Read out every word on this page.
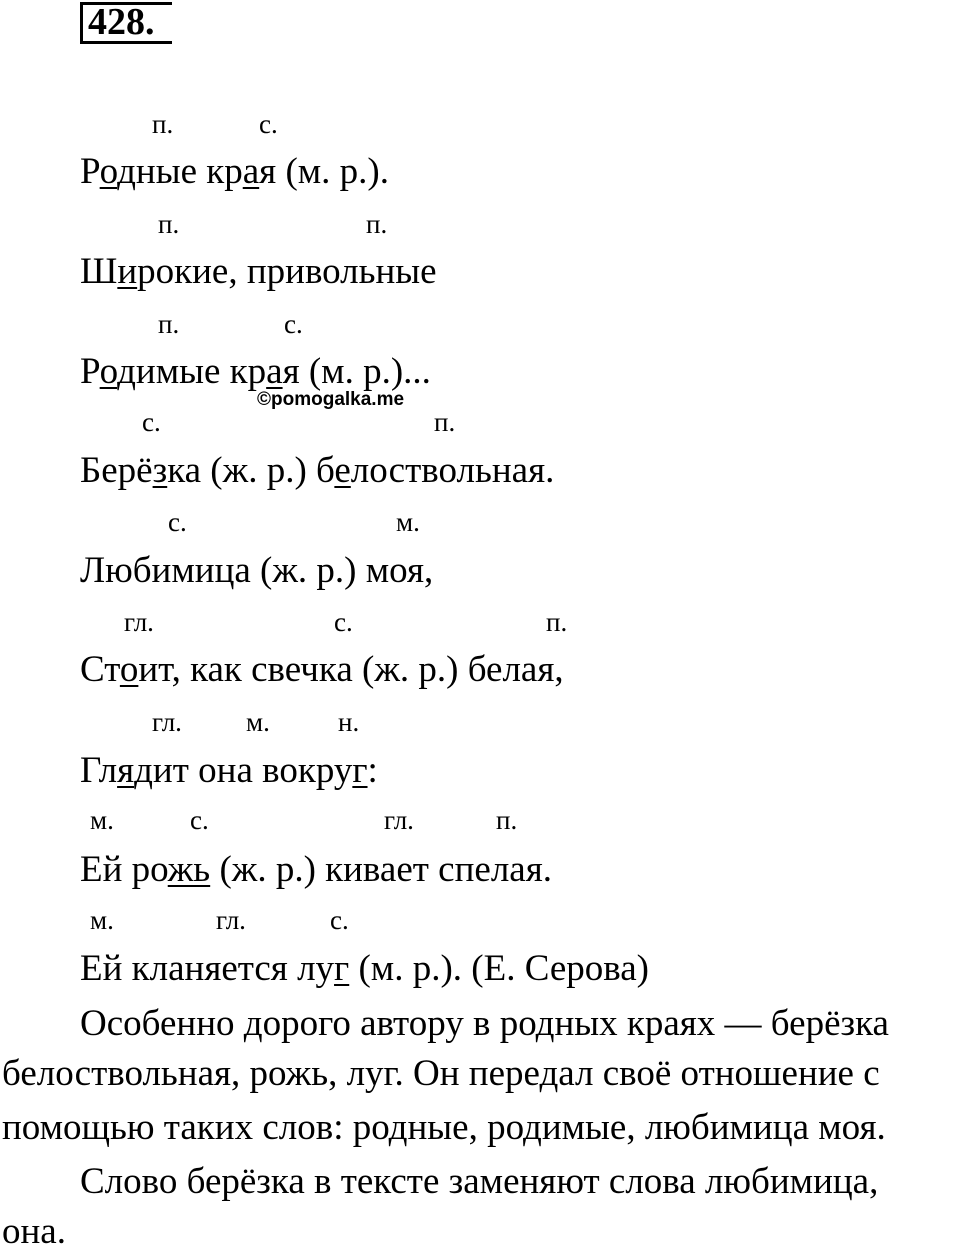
428.
п.	с.
Родные края (м. р.).
п.	п.
Широкие, привольные
п.	с.
Родимые края (м. р.)...
©pomogalka.me
с.	п.
Берёзка (ж. р.) белоствольная.
с.	м.
Любимица (ж. р.) моя,
гл.	с.	п.
Стоит, как свечка (ж. р.) белая,
гл. м.	н.
Глядит она вокруг:
м.	с.	гл.	п.
Ей рожь (ж. р.) кивает спелая.
м.	гл.	с.
Ей кланяется луг (м. р.). (Е. Серова)
Особенно дорого автору в родных краях — берёзка
белоствольная, рожь, луг. Он передал своё отношение с
помощью таких слов: родные, родимые, любимица моя.
Слово берёзка в тексте заменяют слова любимица,
она.
